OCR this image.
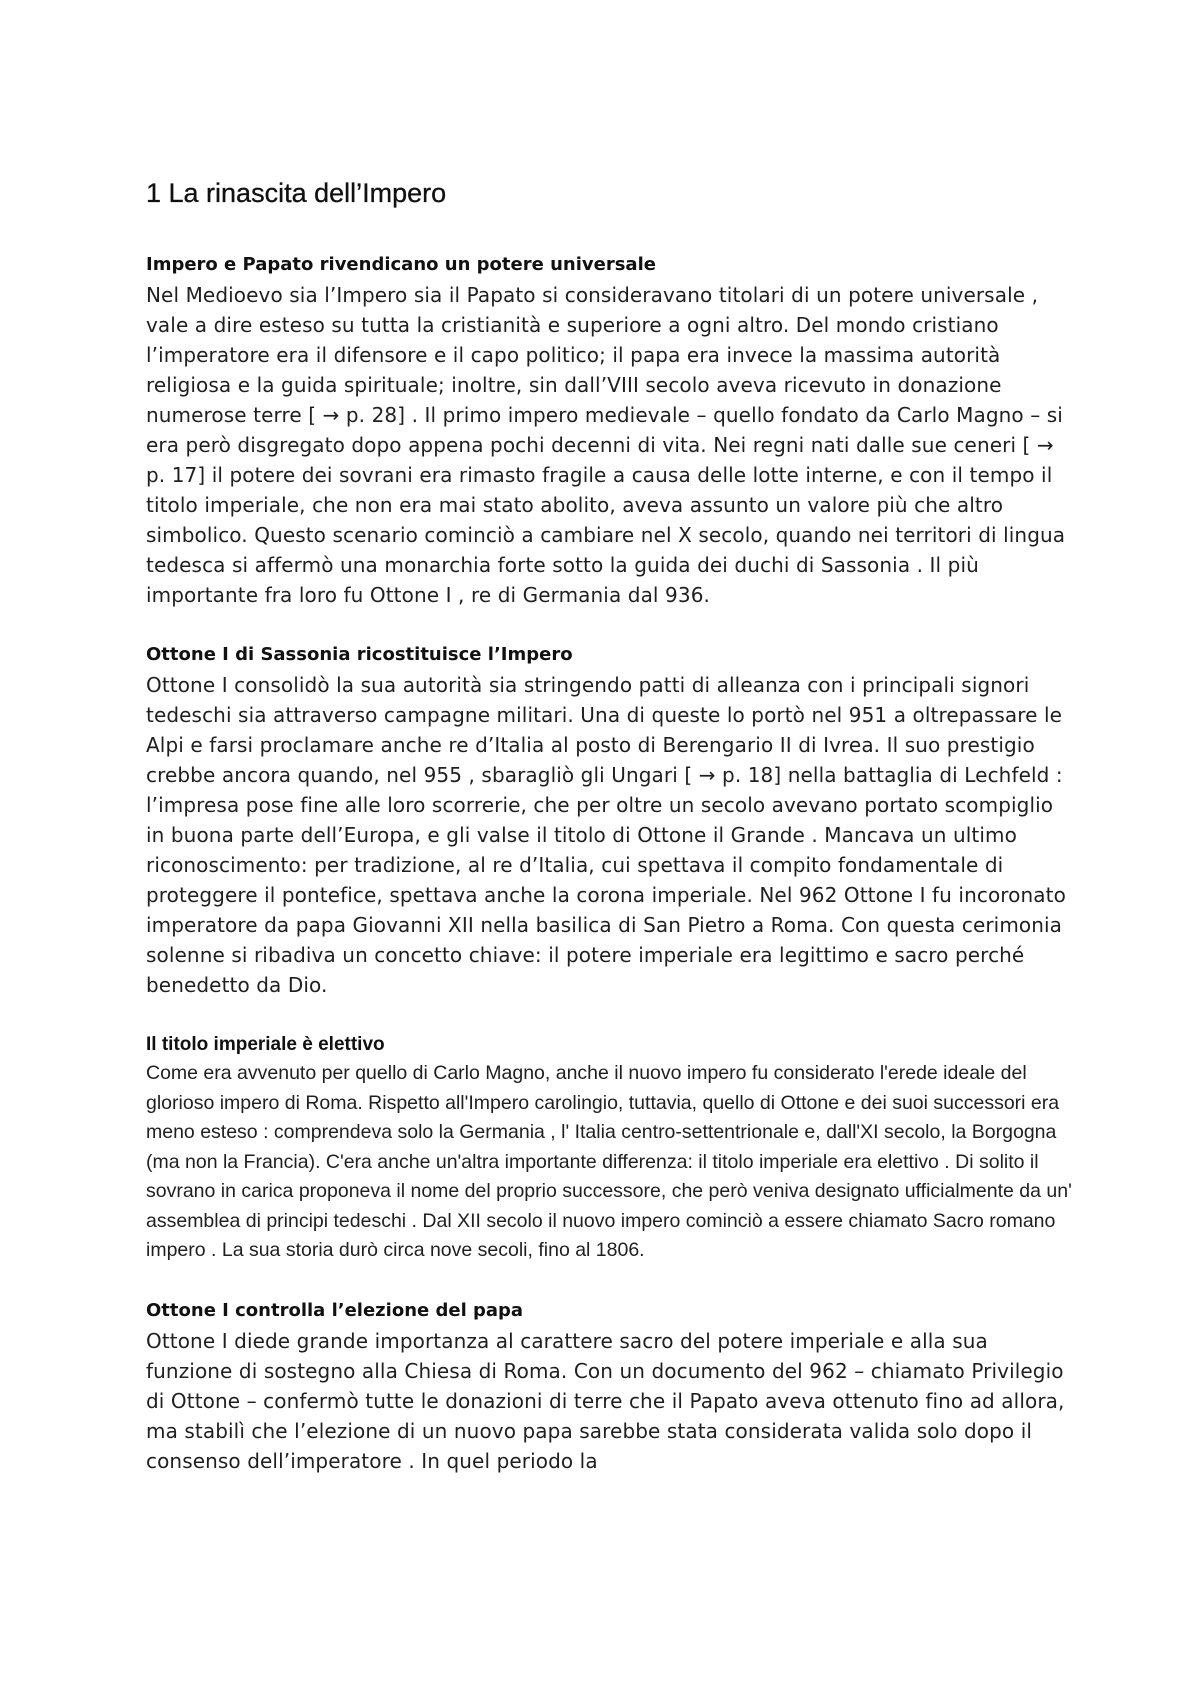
1 La rinascita dell’Impero

Impero e Papato rivendicano un potere universale

Nel Medioevo sia l’Impero sia il Papato si consideravano titolari di un potere universale , vale a dire esteso su tutta la cristianità e superiore a ogni altro. Del mondo cristiano l’imperatore era il difensore e il capo politico; il papa era invece la massima autorità religiosa e la guida spirituale; inoltre, sin dall’VIII secolo aveva ricevuto in donazione numerose terre [ → p. 28] . Il primo impero medievale – quello fondato da Carlo Magno – si era però disgregato dopo appena pochi decenni di vita. Nei regni nati dalle sue ceneri [ → p. 17] il potere dei sovrani era rimasto fragile a causa delle lotte interne, e con il tempo il titolo imperiale, che non era mai stato abolito, aveva assunto un valore più che altro simbolico. Questo scenario cominciò a cambiare nel X secolo, quando nei territori di lingua tedesca si affermò una monarchia forte sotto la guida dei duchi di Sassonia . Il più importante fra loro fu Ottone I , re di Germania dal 936.

Ottone I di Sassonia ricostituisce l’Impero

Ottone I consolidò la sua autorità sia stringendo patti di alleanza con i principali signori tedeschi sia attraverso campagne militari. Una di queste lo portò nel 951 a oltrepassare le Alpi e farsi proclamare anche re d’Italia al posto di Berengario II di Ivrea. Il suo prestigio crebbe ancora quando, nel 955 , sbaragliò gli Ungari [ → p. 18] nella battaglia di Lechfeld : l’impresa pose fine alle loro scorrerie, che per oltre un secolo avevano portato scompiglio in buona parte dell’Europa, e gli valse il titolo di Ottone il Grande . Mancava un ultimo riconoscimento: per tradizione, al re d’Italia, cui spettava il compito fondamentale di proteggere il pontefice, spettava anche la corona imperiale. Nel 962 Ottone I fu incoronato imperatore da papa Giovanni XII nella basilica di San Pietro a Roma. Con questa cerimonia solenne si ribadiva un concetto chiave: il potere imperiale era legittimo e sacro perché benedetto da Dio.

Il titolo imperiale è elettivo

Come era avvenuto per quello di Carlo Magno, anche il nuovo impero fu considerato l'erede ideale del glorioso impero di Roma. Rispetto all'Impero carolingio, tuttavia, quello di Ottone e dei suoi successori era meno esteso : comprendeva solo la Germania , l' Italia centro-settentrionale e, dall'XI secolo, la Borgogna (ma non la Francia). C'era anche un'altra importante differenza: il titolo imperiale era elettivo . Di solito il sovrano in carica proponeva il nome del proprio successore, che però veniva designato ufficialmente da un' assemblea di principi tedeschi . Dal XII secolo il nuovo impero cominciò a essere chiamato Sacro romano impero . La sua storia durò circa nove secoli, fino al 1806.

Ottone I controlla l’elezione del papa

Ottone I diede grande importanza al carattere sacro del potere imperiale e alla sua funzione di sostegno alla Chiesa di Roma. Con un documento del 962 – chiamato Privilegio di Ottone – confermò tutte le donazioni di terre che il Papato aveva ottenuto fino ad allora, ma stabilì che l’elezione di un nuovo papa sarebbe stata considerata valida solo dopo il consenso dell’imperatore . In quel periodo la
